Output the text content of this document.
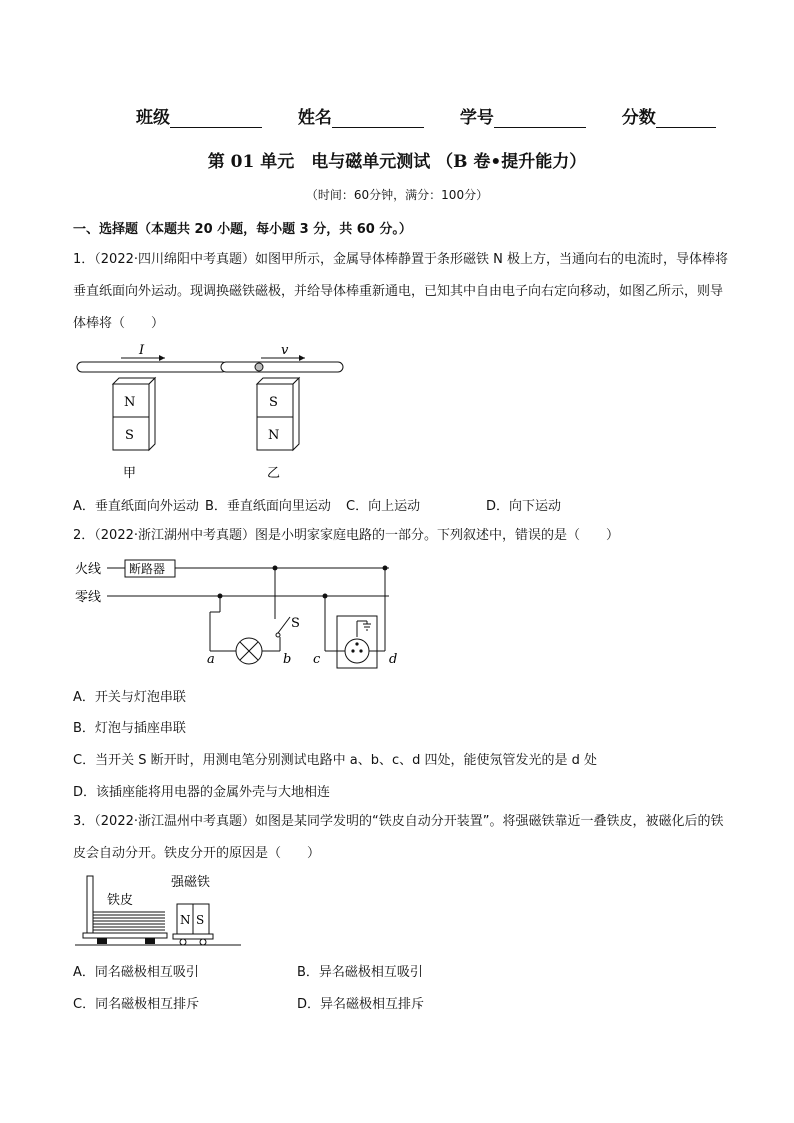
班级	姓名	学号	分数
第 01 单元　电与磁单元测试 （B 卷•提升能力）
（时间：60分钟，满分：100分）
一、选择题（本题共 20 小题，每小题 3 分，共 60 分。）
1．（2022·四川绵阳中考真题）如图甲所示，金属导体棒静置于条形磁铁 N 极上方，当通向右的电流时，导体棒将垂直纸面向外运动。现调换磁铁磁极，并给导体棒重新通电，已知其中自由电子向右定向移动，如图乙所示，则导体棒将（　　）
I
N
S
甲
v
S
N
乙
A．垂直纸面向外运动 B．垂直纸面向里运动 C．向上运动	D．向下运动
2．（2022·浙江湖州中考真题）图是小明家家庭电路的一部分。下列叙述中，错误的是（　　）
火线
零线
断路器
S
a	b c	d
A．开关与灯泡串联
B．灯泡与插座串联
C．当开关 S 断开时，用测电笔分别测试电路中 a、b、c、d 四处，能使氖管发光的是 d 处
D．该插座能将用电器的金属外壳与大地相连
3．（2022·浙江温州中考真题）如图是某同学发明的“铁皮自动分开装置”。将强磁铁靠近一叠铁皮，被磁化后的铁皮会自动分开。铁皮分开的原因是（　　）
铁皮
N S
强磁铁
A．同名磁极相互吸引	B．异名磁极相互吸引
C．同名磁极相互排斥	D．异名磁极相互排斥
